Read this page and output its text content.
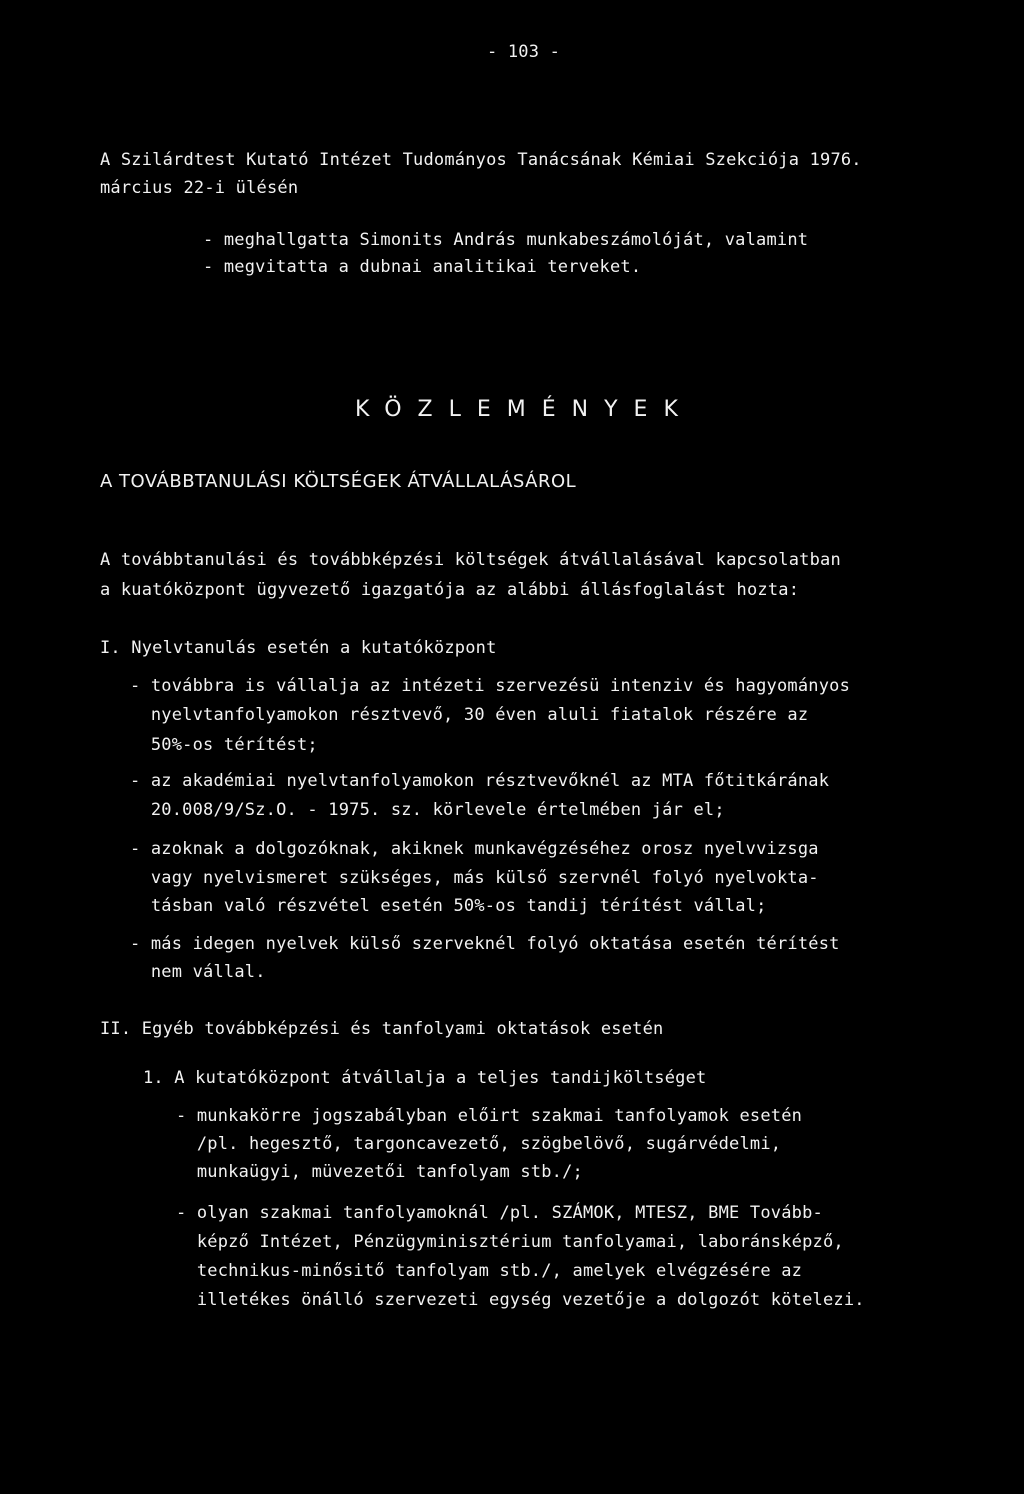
- 103 -
A Szilárdtest Kutató Intézet Tudományos Tanácsának Kémiai Szekciója 1976.
március 22-i ülésén
- meghallgatta Simonits András munkabeszámolóját, valamint
- megvitatta a dubnai analitikai terveket.
KÖZLEMÉNYEK
A TOVÁBBTANULÁSI KÖLTSÉGEK ÁTVÁLLALÁSÁROL
A továbbtanulási és továbbképzési költségek átvállalásával kapcsolatban
a kuatóközpont ügyvezető igazgatója az alábbi állásfoglalást hozta:
I. Nyelvtanulás esetén a kutatóközpont
- továbbra is vállalja az intézeti szervezésü intenziv és hagyományos
nyelvtanfolyamokon résztvevő, 30 éven aluli fiatalok részére az
50%-os térítést;
- az akadémiai nyelvtanfolyamokon résztvevőknél az MTA főtitkárának
20.008/9/Sz.O. - 1975. sz. körlevele értelmében jár el;
- azoknak a dolgozóknak, akiknek munkavégzéséhez orosz nyelvvizsga
vagy nyelvismeret szükséges, más külső szervnél folyó nyelvokta-
tásban való részvétel esetén 50%-os tandij térítést vállal;
- más idegen nyelvek külső szerveknél folyó oktatása esetén térítést
nem vállal.
II. Egyéb továbbképzési és tanfolyami oktatások esetén
1. A kutatóközpont átvállalja a teljes tandijköltséget
- munkakörre jogszabályban előirt szakmai tanfolyamok esetén
/pl. hegesztő, targoncavezető, szögbelövő, sugárvédelmi,
munkaügyi, müvezetői tanfolyam stb./;
- olyan szakmai tanfolyamoknál /pl. SZÁMOK, MTESZ, BME Tovább-
képző Intézet, Pénzügyminisztérium tanfolyamai, laboránsképző,
technikus-minősitő tanfolyam stb./, amelyek elvégzésére az
illetékes önálló szervezeti egység vezetője a dolgozót kötelezi.
